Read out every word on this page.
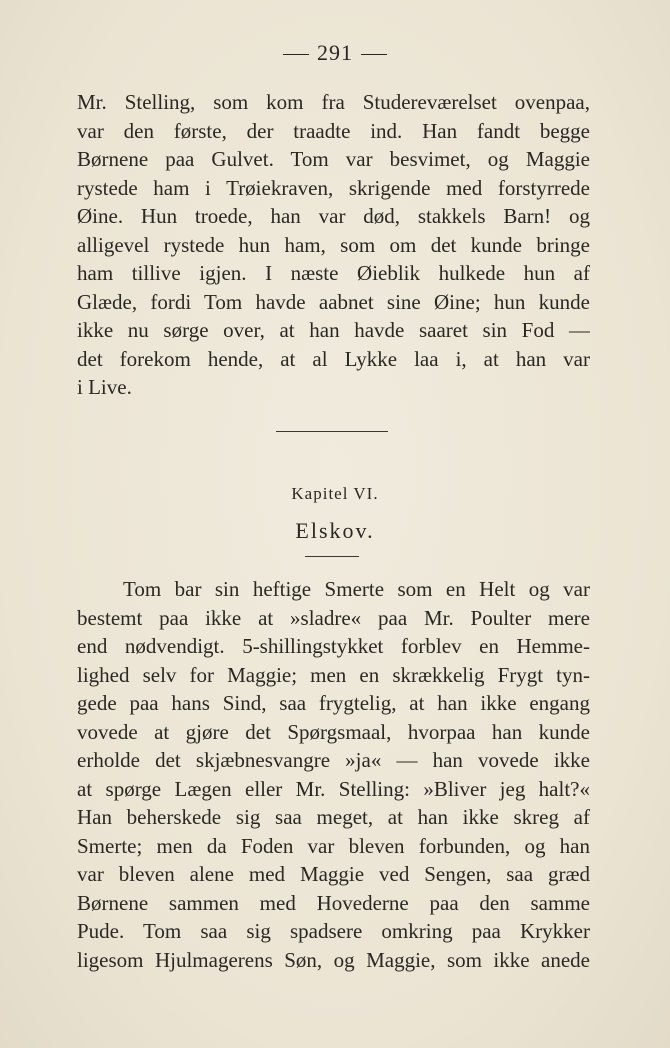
291
Mr. Stelling, som kom fra Studereværelset ovenpaa,
var den første, der traadte ind. Han fandt begge
Børnene paa Gulvet. Tom var besvimet, og Maggie
rystede ham i Trøiekraven, skrigende med forstyrrede
Øine. Hun troede, han var død, stakkels Barn! og
alligevel rystede hun ham, som om det kunde bringe
ham tillive igjen. I næste Øieblik hulkede hun af
Glæde, fordi Tom havde aabnet sine Øine; hun kunde
ikke nu sørge over, at han havde saaret sin Fod —
det forekom hende, at al Lykke laa i, at han var
i Live.
Kapitel VI.
Elskov.
Tom bar sin heftige Smerte som en Helt og var
bestemt paa ikke at »sladre« paa Mr. Poulter mere
end nødvendigt. 5-shillingstykket forblev en Hemme-
lighed selv for Maggie; men en skrækkelig Frygt tyn-
gede paa hans Sind, saa frygtelig, at han ikke engang
vovede at gjøre det Spørgsmaal, hvorpaa han kunde
erholde det skjæbnesvangre »ja« — han vovede ikke
at spørge Lægen eller Mr. Stelling: »Bliver jeg halt?«
Han beherskede sig saa meget, at han ikke skreg af
Smerte; men da Foden var bleven forbunden, og han
var bleven alene med Maggie ved Sengen, saa græd
Børnene sammen med Hovederne paa den samme
Pude. Tom saa sig spadsere omkring paa Krykker
ligesom Hjulmagerens Søn, og Maggie, som ikke anede
